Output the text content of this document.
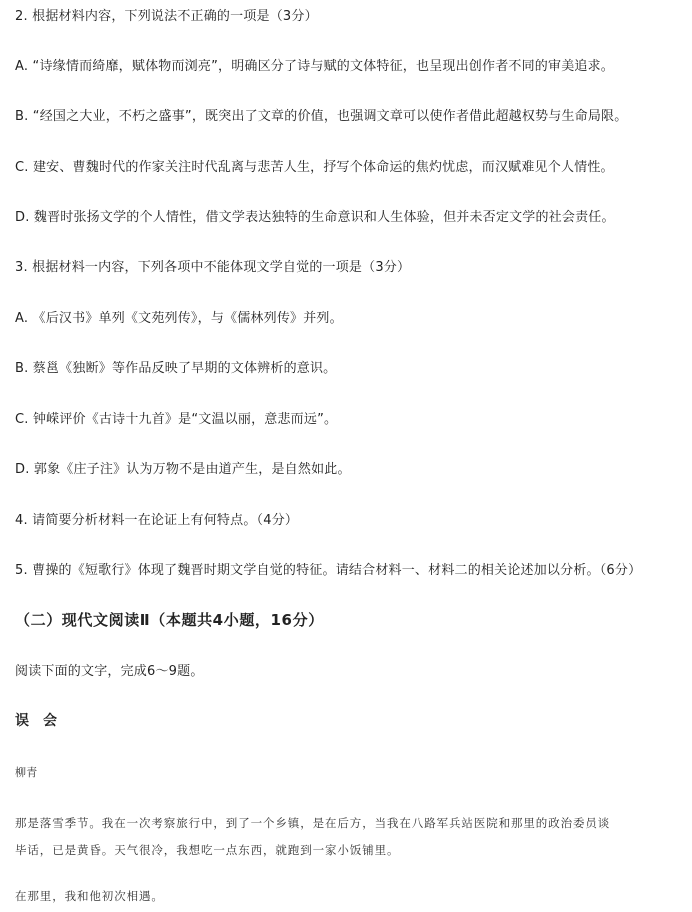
2. 根据材料内容，下列说法不正确的一项是（3分）
A. “诗缘情而绮靡，赋体物而浏亮”，明确区分了诗与赋的文体特征，也呈现出创作者不同的审美追求。
B. “经国之大业，不朽之盛事”，既突出了文章的价值，也强调文章可以使作者借此超越权势与生命局限。
C. 建安、曹魏时代的作家关注时代乱离与悲苦人生，抒写个体命运的焦灼忧虑，而汉赋难见个人情性。
D. 魏晋时张扬文学的个人情性，借文学表达独特的生命意识和人生体验，但并未否定文学的社会责任。
3. 根据材料一内容，下列各项中不能体现文学自觉的一项是（3分）
A. 《后汉书》单列《文苑列传》，与《儒林列传》并列。
B. 蔡邕《独断》等作品反映了早期的文体辨析的意识。
C. 钟嵘评价《古诗十九首》是“文温以丽，意悲而远”。
D. 郭象《庄子注》认为万物不是由道产生，是自然如此。
4. 请简要分析材料一在论证上有何特点。（4分）
5. 曹操的《短歌行》体现了魏晋时期文学自觉的特征。请结合材料一、材料二的相关论述加以分析。（6分）
（二）现代文阅读Ⅱ（本题共4小题，16分）
阅读下面的文字，完成6～9题。
误会
柳青
那是落雪季节。我在一次考察旅行中，到了一个乡镇，是在后方，当我在八路军兵站医院和那里的政治委员谈
毕话，已是黄昏。天气很冷，我想吃一点东西，就跑到一家小饭铺里。
在那里，我和他初次相遇。
